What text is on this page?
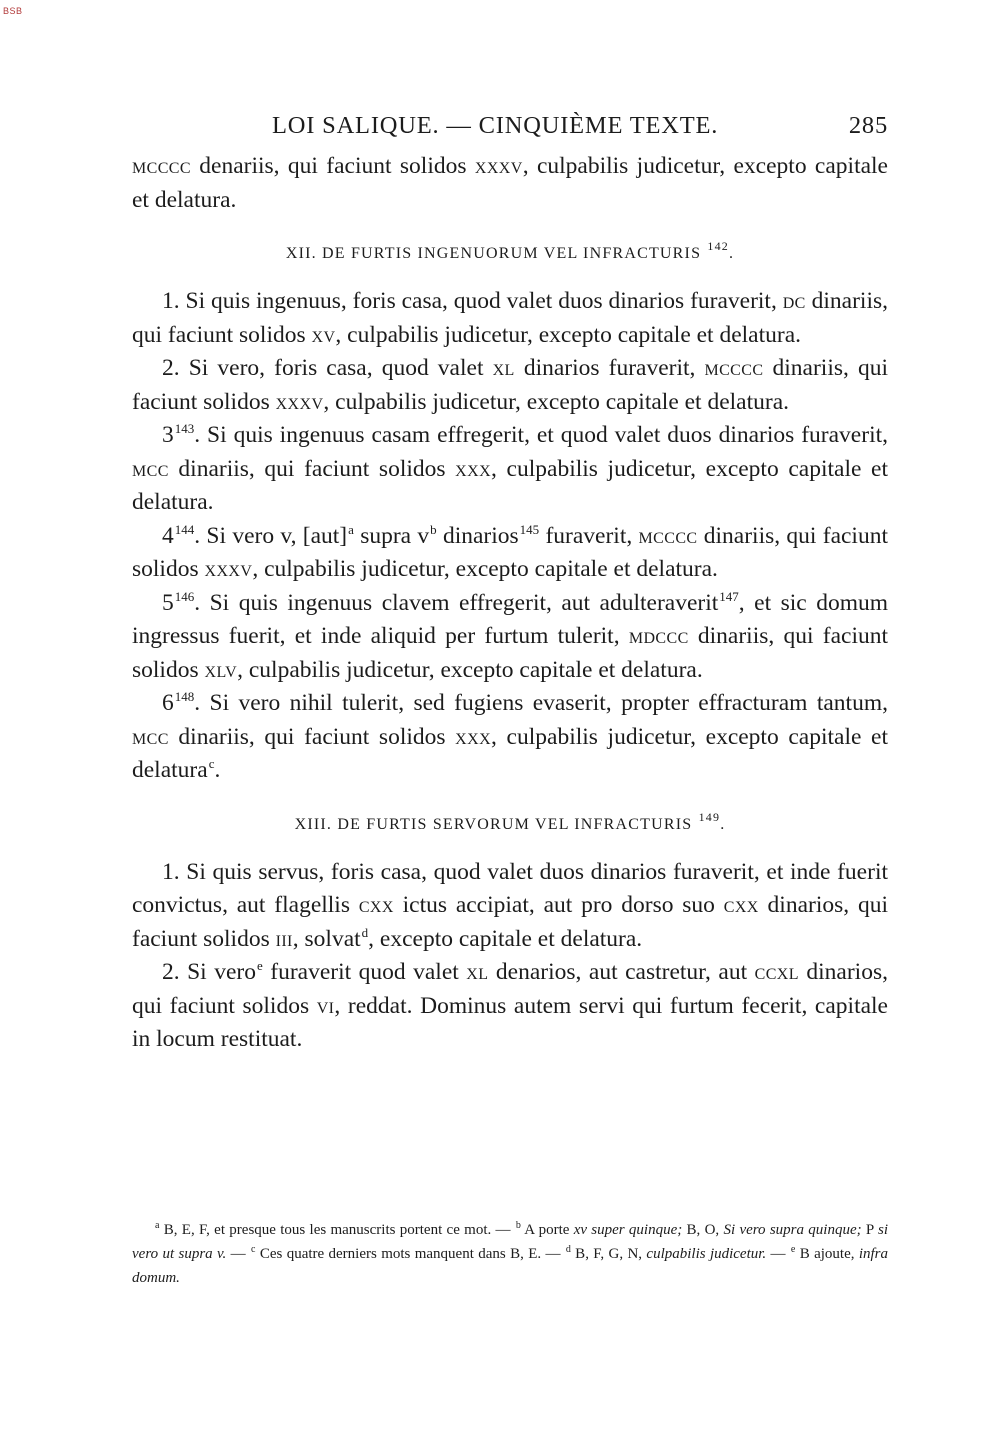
BSB
LOI SALIQUE. — CINQUIÈME TEXTE.	285

mcccc denariis, qui faciunt solidos xxxv, culpabilis judicetur, excepto capitale et delatura.

XII. DE FURTIS INGENUORUM VEL INFRACTURIS $^{142}$.

1. Si quis ingenuus, foris casa, quod valet duos dinarios furaverit, dc dinariis, qui faciunt solidos xv, culpabilis judicetur, excepto capitale et delatura.

2. Si vero, foris casa, quod valet xl dinarios furaverit, mcccc dinariis, qui faciunt solidos xxxv, culpabilis judicetur, excepto capitale et delatura.

$3^{143}$. Si quis ingenuus casam effregerit, et quod valet duos dinarios furaverit, mcc dinariis, qui faciunt solidos xxx, culpabilis judicetur, excepto capitale et delatura.

$4^{144}$. Si vero v, [aut]$^a$ supra $v^b$ dinarios$^{145}$ furaverit, mcccc dinariis, qui faciunt solidos xxxv, culpabilis judicetur, excepto capitale et delatura.

$5^{146}$. Si quis ingenuus clavem effregerit, aut adulteraverit$^{147}$, et sic domum ingressus fuerit, et inde aliquid per furtum tulerit, mdccc dinariis, qui faciunt solidos xlv, culpabilis judicetur, excepto capitale et delatura.

$6^{148}$. Si vero nihil tulerit, sed fugiens evaserit, propter effracturam tantum, mcc dinariis, qui faciunt solidos xxx, culpabilis judicetur, excepto capitale et delatura$^c$.

XIII. DE FURTIS SERVORUM VEL INFRACTURIS $^{149}$.

1. Si quis servus, foris casa, quod valet duos dinarios furaverit, et inde fuerit convictus, aut flagellis cxx ictus accipiat, aut pro dorso suo cxx dinarios, qui faciunt solidos iii, solvat$^d$, excepto capitale et delatura.

2. Si vero$^e$ furaverit quod valet xl denarios, aut castretur, aut ccxl dinarios, qui faciunt solidos vi, reddat. Dominus autem servi qui furtum fecerit, capitale in locum restituat.

$^a$ B, E, F, et presque tous les manuscrits portent ce mot. — $^b$ A porte xv super quinque; B, O, Si vero supra quinque; P si vero ut supra v. — $^c$ Ces quatre derniers mots manquent dans B, E. — $^d$ B, F, G, N, culpabilis judicetur. — $^e$ B ajoute, infra domum.
